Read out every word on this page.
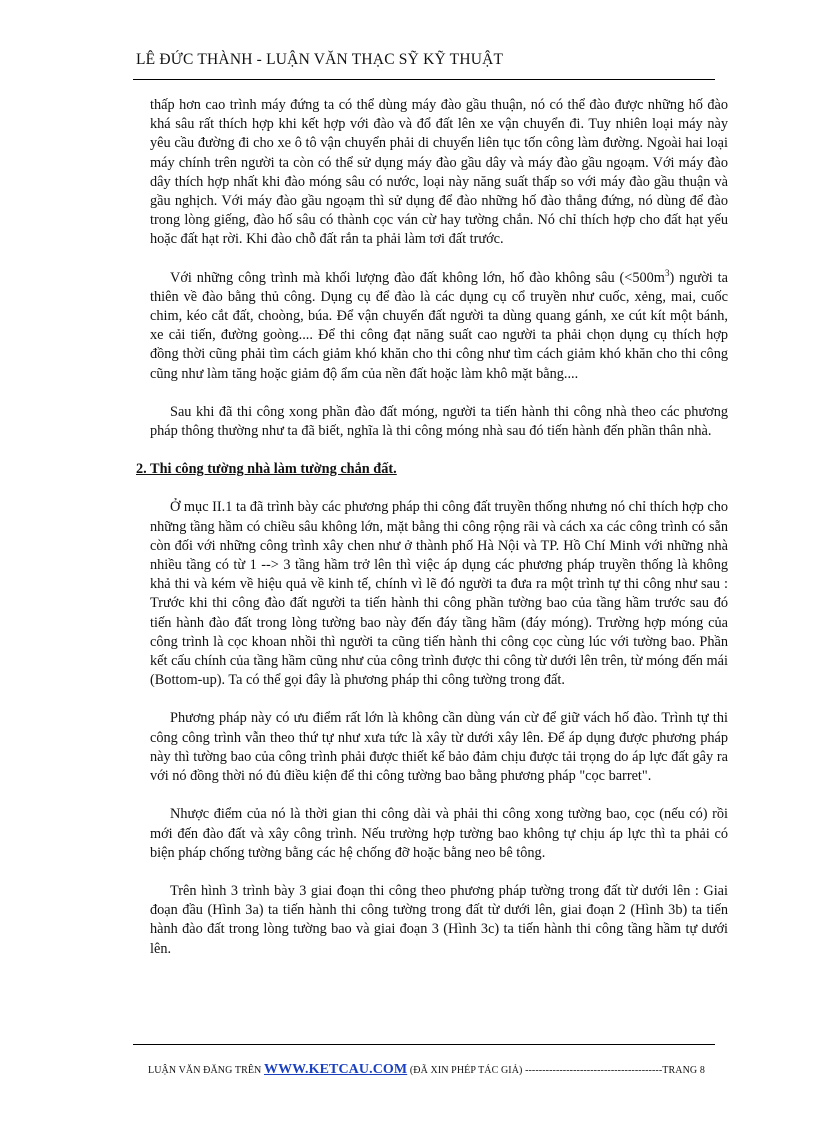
LÊ ĐỨC THÀNH - LUẬN VĂN THẠC SỸ KỸ THUẬT

thấp hơn cao trình máy đứng ta có thể dùng máy đào gầu thuận, nó có thể đào được những hố đào khá sâu rất thích hợp khi kết hợp với đào và đổ đất lên xe vận chuyển đi. Tuy nhiên loại máy này yêu cầu đường đi cho xe ô tô vận chuyển phải di chuyển liên tục tốn công làm đường. Ngoài hai loại máy chính trên người ta còn có thể sử dụng máy đào gầu dây và máy đào gầu ngoạm. Với máy đào dây thích hợp nhất khi đào móng sâu có nước, loại này năng suất thấp so với máy đào gầu thuận và gầu nghịch. Với máy đào gầu ngoạm thì sử dụng để đào những hố đào thẳng đứng, nó dùng để đào trong lòng giếng, đào hố sâu có thành cọc ván cừ hay tường chắn. Nó chỉ thích hợp cho đất hạt yếu hoặc đất hạt rời. Khi đào chỗ đất rắn ta phải làm tơi đất trước.

Với những công trình mà khối lượng đào đất không lớn, hố đào không sâu $(<500m^3)$ người ta thiên về đào bằng thủ công. Dụng cụ để đào là các dụng cụ cổ truyền như cuốc, xẻng, mai, cuốc chim, kéo cắt đất, choòng, búa. Để vận chuyển đất người ta dùng quang gánh, xe cút kít một bánh, xe cải tiến, đường goòng.... Để thi công đạt năng suất cao người ta phải chọn dụng cụ thích hợp đồng thời cũng phải tìm cách giảm khó khăn cho thi công như tìm cách giảm khó khăn cho thi công cũng như làm tăng hoặc giảm độ ẩm của nền đất hoặc làm khô mặt bằng....

Sau khi đã thi công xong phần đào đất móng, người ta tiến hành thi công nhà theo các phương pháp thông thường như ta đã biết, nghĩa là thi công móng nhà sau đó tiến hành đến phần thân nhà.

2. Thi công tường nhà làm tường chắn đất.

Ở mục II.1 ta đã trình bày các phương pháp thi công đất truyền thống nhưng nó chỉ thích hợp cho những tầng hầm có chiều sâu không lớn, mặt bằng thi công rộng rãi và cách xa các công trình có sẵn còn đối với những công trình xây chen như ở thành phố Hà Nội và TP. Hồ Chí Minh với những nhà nhiều tầng có từ 1 --> 3 tầng hầm trở lên thì việc áp dụng các phương pháp truyền thống là không khả thi và kém về hiệu quả về kinh tế, chính vì lẽ đó người ta đưa ra một trình tự thi công như sau : Trước khi thi công đào đất người ta tiến hành thi công phần tường bao của tầng hầm trước sau đó tiến hành đào đất trong lòng tường bao này đến đáy tầng hầm (đáy móng). Trường hợp móng của công trình là cọc khoan nhồi thì người ta cũng tiến hành thi công cọc cùng lúc với tường bao. Phần kết cấu chính của tầng hầm cũng như của công trình được thi công từ dưới lên trên, từ móng đến mái (Bottom-up). Ta có thể gọi đây là phương pháp thi công tường trong đất.

Phương pháp này có ưu điểm rất lớn là không cần dùng ván cừ để giữ vách hố đào. Trình tự thi công công trình vẫn theo thứ tự như xưa tức là xây từ dưới xây lên. Để áp dụng được phương pháp này thì tường bao của công trình phải được thiết kế bảo đảm chịu được tải trọng do áp lực đất gây ra với nó đồng thời nó đủ điều kiện để thi công tường bao bằng phương pháp "cọc barret".

Nhược điểm của nó là thời gian thi công dài và phải thi công xong tường bao, cọc (nếu có) rồi mới đến đào đất và xây công trình. Nếu trường hợp tường bao không tự chịu áp lực thì ta phải có biện pháp chống tường bằng các hệ chống đỡ hoặc bằng neo bê tông.

Trên hình 3 trình bày 3 giai đoạn thi công theo phương pháp tường trong đất từ dưới lên : Giai đoạn đầu (Hình 3a) ta tiến hành thi công tường trong đất từ dưới lên, giai đoạn 2 (Hình 3b) ta tiến hành đào đất trong lòng tường bao và giai đoạn 3 (Hình 3c) ta tiến hành thi công tầng hầm tự dưới lên.

LUẬN VĂN ĐĂNG TRÊN WWW.KETCAU.COM (ĐÃ XIN PHÉP TÁC GIẢ) ----------------------------------------TRANG 8
